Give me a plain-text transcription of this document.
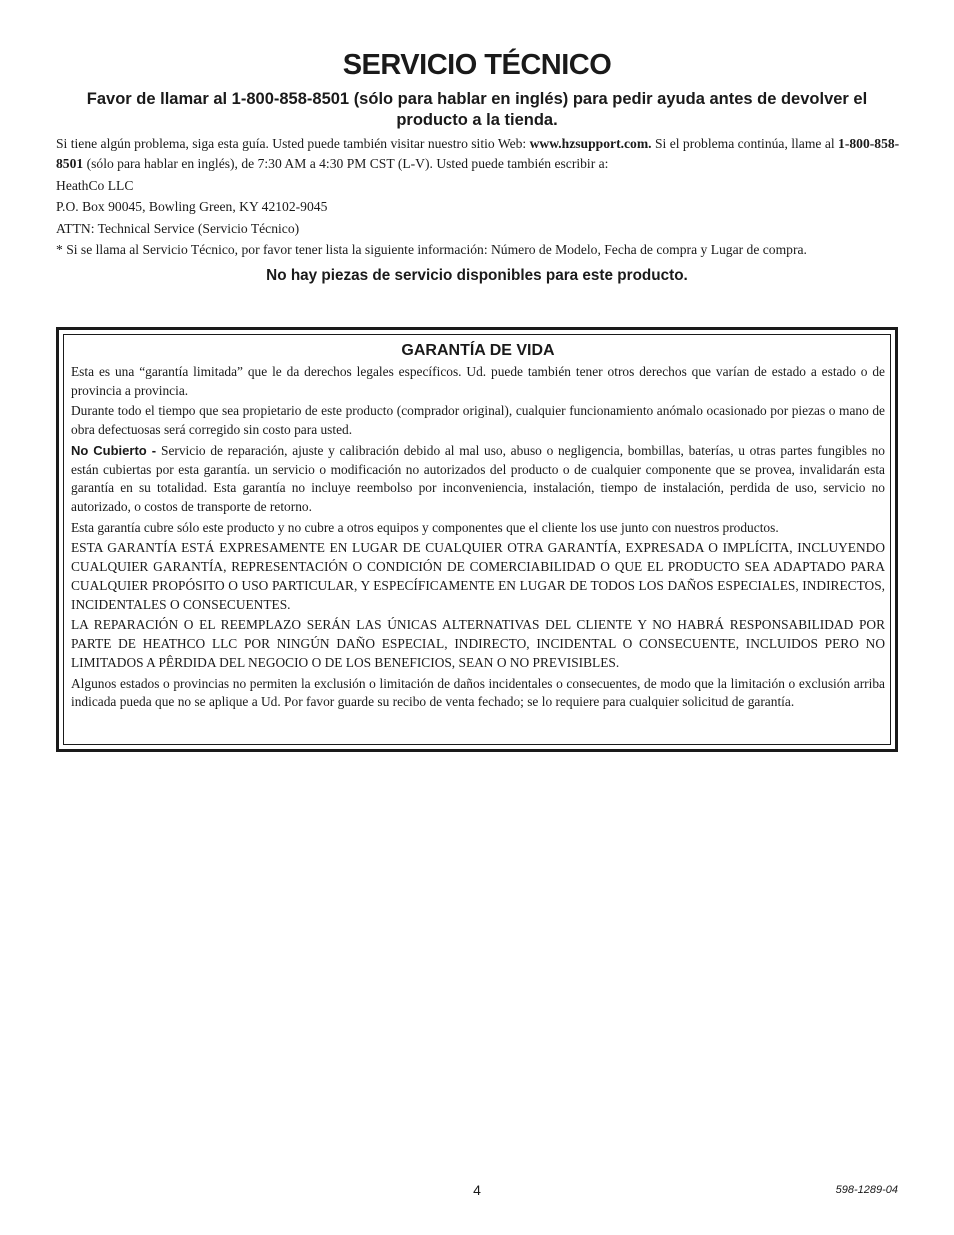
SERVICIO TÉCNICO

Favor de llamar al 1-800-858-8501 (sólo para hablar en inglés) para pedir ayuda antes de devolver el producto a la tienda.

Si tiene algún problema, siga esta guía. Usted puede también visitar nuestro sitio Web: www.hzsupport.com. Si el problema continúa, llame al 1-800-858-8501 (sólo para hablar en inglés), de 7:30 AM a 4:30 PM CST (L-V). Usted puede también escribir a:

HeathCo LLC

P.O. Box 90045, Bowling Green, KY 42102-9045

ATTN: Technical Service (Servicio Técnico)

* Si se llama al Servicio Técnico, por favor tener lista la siguiente información: Número de Modelo, Fecha de compra y Lugar de compra.

No hay piezas de servicio disponibles para este producto.

GARANTÍA DE VIDA

Esta es una “garantía limitada” que le da derechos legales específicos. Ud. puede también tener otros derechos que varían de estado a estado o de provincia a provincia.

Durante todo el tiempo que sea propietario de este producto (comprador original), cualquier funcionamiento anómalo ocasionado por piezas o mano de obra defectuosas será corregido sin costo para usted.

No Cubierto - Servicio de reparación, ajuste y calibración debido al mal uso, abuso o negligencia, bombillas, baterías, u otras partes fungibles no están cubiertas por esta garantía. un servicio o modificación no autorizados del producto o de cualquier componente que se provea, invalidarán esta garantía en su totalidad. Esta garantía no incluye reembolso por inconveniencia, instalación, tiempo de instalación, perdida de uso, servicio no autorizado, o costos de transporte de retorno.

Esta garantía cubre sólo este producto y no cubre a otros equipos y componentes que el cliente los use junto con nuestros productos.

ESTA GARANTÍA ESTÁ EXPRESAMENTE EN LUGAR DE CUALQUIER OTRA GARANTÍA, EXPRESADA O IMPLÍCITA, INCLUYENDO CUALQUIER GARANTÍA, REPRESENTACIÓN O CONDICIÓN DE COMERCIABILIDAD O QUE EL PRODUCTO SEA ADAPTADO PARA CUALQUIER PROPÓSITO O USO PARTICULAR, Y ESPECÍFICAMENTE EN LUGAR DE TODOS LOS DAÑOS ESPECIALES, INDIRECTOS, INCIDENTALES O CONSECUENTES.

LA REPARACIÓN O EL REEMPLAZO SERÁN LAS ÚNICAS ALTERNATIVAS DEL CLIENTE Y NO HABRÁ RESPONSABILIDAD POR PARTE DE HEATHCO LLC POR NINGÚN DAÑO ESPECIAL, INDIRECTO, INCIDENTAL O CONSECUENTE, INCLUIDOS PERO NO LIMITADOS A PÊRDIDA DEL NEGOCIO O DE LOS BENEFICIOS, SEAN O NO PREVISIBLES.

Algunos estados o provincias no permiten la exclusión o limitación de daños incidentales o consecuentes, de modo que la limitación o exclusión arriba indicada pueda que no se aplique a Ud. Por favor guarde su recibo de venta fechado; se lo requiere para cualquier solicitud de garantía.

4	598-1289-04
